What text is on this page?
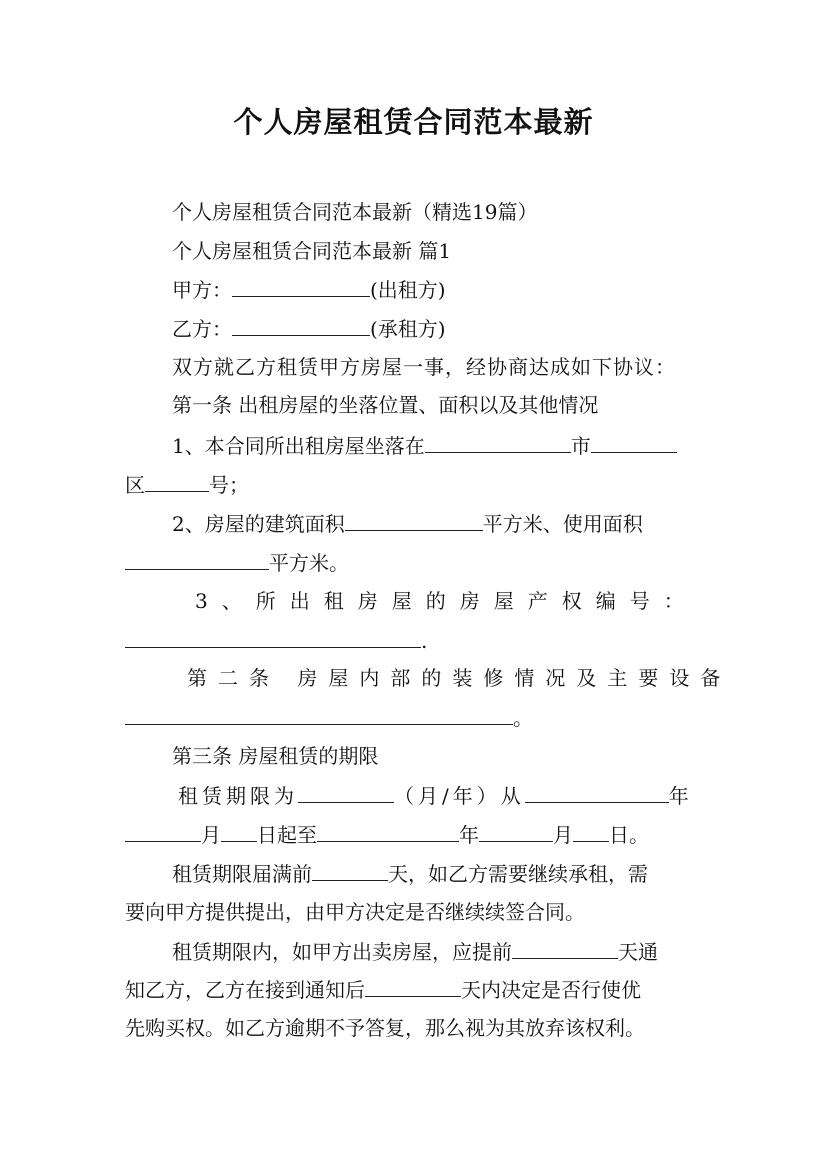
个人房屋租赁合同范本最新
个人房屋租赁合同范本最新（精选19篇）
个人房屋租赁合同范本最新 篇1
甲方：	(出租方)
乙方：	(承租方)
双方就乙方租赁甲方房屋一事，经协商达成如下协议：
第一条 出租房屋的坐落位置、面积以及其他情况
1、本合同所出租房屋坐落在	市
区	号；
2、房屋的建筑面积	平方米、使用面积
平方米。
3、所出租房屋的房屋产权编号：
.
第二条 房屋内部的装修情况及主要设备
。
第三条 房屋租赁的期限
租赁期限为	（月/年）从	年
月 日起至	年	月 日。
租赁期限届满前	天，如乙方需要继续承租，需
要向甲方提供提出，由甲方决定是否继续续签合同。
租赁期限内，如甲方出卖房屋，应提前	天通
知乙方，乙方在接到通知后	天内决定是否行使优
先购买权。如乙方逾期不予答复，那么视为其放弃该权利。
